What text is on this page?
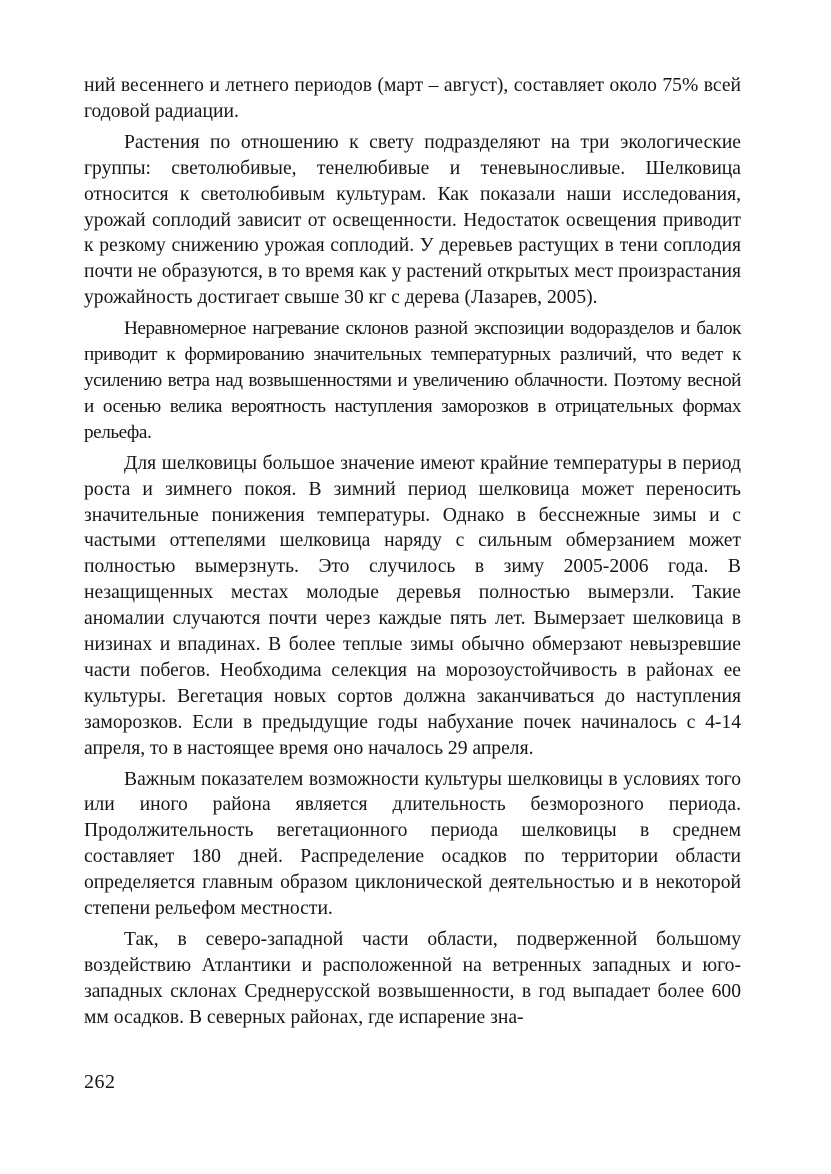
ний весеннего и летнего периодов (март – август), составляет около 75% всей годовой радиации.

Растения по отношению к свету подразделяют на три экологические группы: светолюбивые, тенелюбивые и теневыносливые. Шелковица относится к светолюбивым культурам. Как показали наши исследования, урожай соплодий зависит от освещенности. Недостаток освещения приводит к резкому снижению урожая соплодий. У деревьев растущих в тени соплодия почти не образуются, в то время как у растений открытых мест произрастания урожайность достигает свыше 30 кг с дерева (Лазарев, 2005).

Неравномерное нагревание склонов разной экспозиции водоразделов и балок приводит к формированию значительных температурных различий, что ведет к усилению ветра над возвышенностями и увеличению облачности. Поэтому весной и осенью велика вероятность наступления заморозков в отрицательных формах рельефа.

Для шелковицы большое значение имеют крайние температуры в период роста и зимнего покоя. В зимний период шелковица может переносить значительные понижения температуры. Однако в бесснежные зимы и с частыми оттепелями шелковица наряду с сильным обмерзанием может полностью вымерзнуть. Это случилось в зиму 2005-2006 года. В незащищенных местах молодые деревья полностью вымерзли. Такие аномалии случаются почти через каждые пять лет. Вымерзает шелковица в низинах и впадинах. В более теплые зимы обычно обмерзают невызревшие части побегов. Необходима селекция на морозоустойчивость в районах ее культуры. Вегетация новых сортов должна заканчиваться до наступления заморозков. Если в предыдущие годы набухание почек начиналось с 4-14 апреля, то в настоящее время оно началось 29 апреля.

Важным показателем возможности культуры шелковицы в условиях того или иного района является длительность безморозного периода. Продолжительность вегетационного периода шелковицы в среднем составляет 180 дней. Распределение осадков по территории области определяется главным образом циклонической деятельностью и в некоторой степени рельефом местности.

Так, в северо-западной части области, подверженной большому воздействию Атлантики и расположенной на ветренных западных и юго-западных склонах Среднерусской возвышенности, в год выпадает более 600 мм осадков. В северных районах, где испарение зна-

262
